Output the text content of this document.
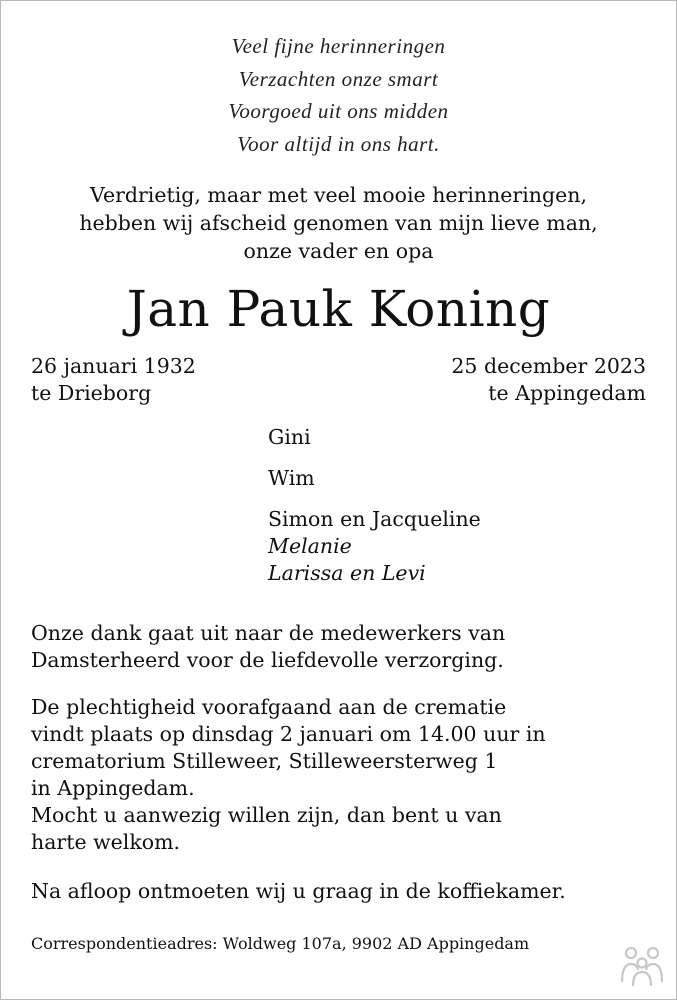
Veel fijne herinneringen
Verzachten onze smart
Voorgoed uit ons midden
Voor altijd in ons hart.
Verdrietig, maar met veel mooie herinneringen,
hebben wij afscheid genomen van mijn lieve man,
onze vader en opa
Jan Pauk Koning
26 januari 1932
te Drieborg
25 december 2023
te Appingedam
Gini
Wim
Simon en Jacqueline
Melanie
Larissa en Levi
Onze dank gaat uit naar de medewerkers van
Damsterheerd voor de liefdevolle verzorging.
De plechtigheid voorafgaand aan de crematie
vindt plaats op dinsdag 2 januari om 14.00 uur in
crematorium Stilleweer, Stilleweersterweg 1
in Appingedam.
Mocht u aanwezig willen zijn, dan bent u van
harte welkom.
Na afloop ontmoeten wij u graag in de koffiekamer.
Correspondentieadres: Woldweg 107a, 9902 AD Appingedam
